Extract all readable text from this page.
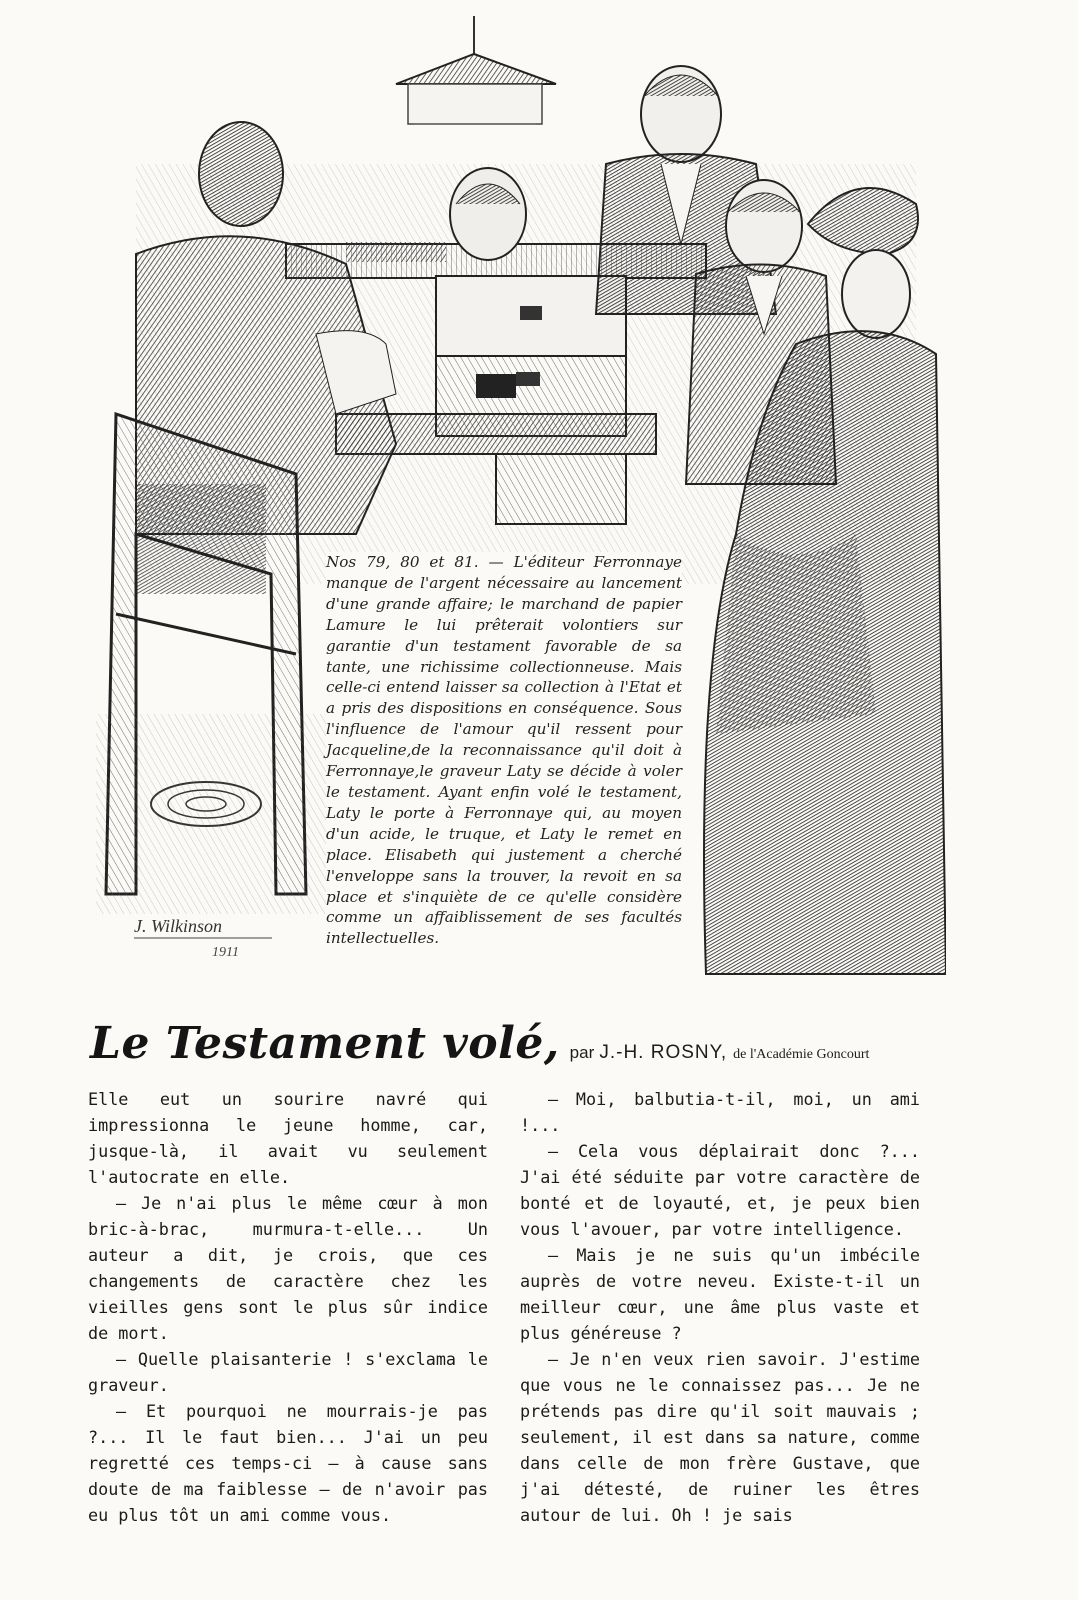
Nos 79, 80 et 81. — L'éditeur Ferronnaye manque de l'argent nécessaire au lancement d'une grande affaire; le marchand de papier Lamure le lui prêterait volontiers sur garantie d'un testament favorable de sa tante, une richissime collectionneuse. Mais celle-ci entend laisser sa collection à l'Etat et a pris des dispositions en conséquence. Sous l'influence de l'amour qu'il ressent pour Jacqueline,de la reconnaissance qu'il doit à Ferronnaye,le graveur Laty se décide à voler le testament. Ayant enfin volé le testament, Laty le porte à Ferronnaye qui, au moyen d'un acide, le truque, et Laty le remet en place. Elisabeth qui justement a cherché l'enveloppe sans la trouver, la revoit en sa place et s'inquiète de ce qu'elle considère comme un affaiblissement de ses facultés intellectuelles.
J. Wilkinson
1911
Le Testament volé, par J.-H. ROSNY, de l'Académie Goncourt

Elle eut un sourire navré qui impressionna le jeune homme, car, jusque-là, il avait vu seulement l'autocrate en elle.

— Je n'ai plus le même cœur à mon bric-à-brac, murmura-t-elle... Un auteur a dit, je crois, que ces changements de caractère chez les vieilles gens sont le plus sûr indice de mort.

— Quelle plaisanterie ! s'exclama le graveur.

— Et pourquoi ne mourrais-je pas ?... Il le faut bien... J'ai un peu regretté ces temps-ci — à cause sans doute de ma faiblesse — de n'avoir pas eu plus tôt un ami comme vous.

— Moi, balbutia-t-il, moi, un ami !...

— Cela vous déplairait donc ?... J'ai été séduite par votre caractère de bonté et de loyauté, et, je peux bien vous l'avouer, par votre intelligence.

— Mais je ne suis qu'un imbécile auprès de votre neveu. Existe-t-il un meilleur cœur, une âme plus vaste et plus généreuse ?

— Je n'en veux rien savoir. J'estime que vous ne le connaissez pas... Je ne prétends pas dire qu'il soit mauvais ; seulement, il est dans sa nature, comme dans celle de mon frère Gustave, que j'ai détesté, de ruiner les êtres autour de lui. Oh ! je sais
